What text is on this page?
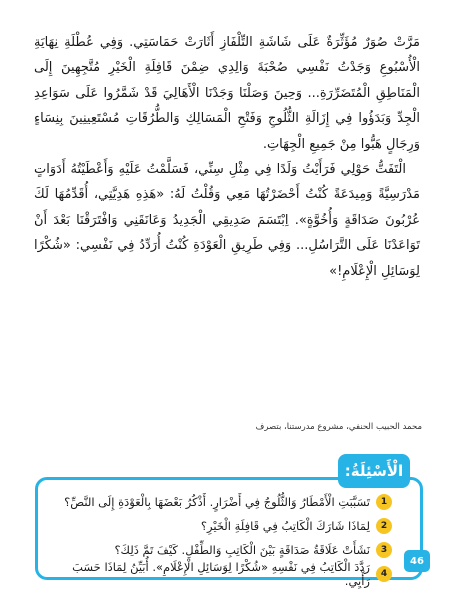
مَرَّتْ صُوَرٌ مُؤَثِّرَةٌ عَلَى شَاشَةِ التِّلْفَازِ أَثَارَتْ حَمَاسَتِي. وَفِي عُطْلَةِ نِهَايَةِ الْأُسْبُوعِ وَجَدْتُ نَفْسِي صُحْبَةَ وَالِدِي ضِمْنَ قَافِلَةِ الْخَيْرِ مُتَّجِهِينَ إِلَى الْمَنَاطِقِ الْمُتَضَرِّرَةِ... وَحِينَ وَصَلْنَا وَجَدْنَا الْأَهَالِيَ قَدْ شَمَّرُوا عَلَى سَوَاعِدِ الْجِدِّ وَبَدَؤُوا فِي إِزَالَةِ الثُّلُوجِ وَفَتْحِ الْمَسَالِكِ وَالطُّرُقَاتِ مُسْتَعِينِينَ بِنِسَاءٍ وَرِجَالٍ هَبُّوا مِنْ جَمِيعِ الْجِهَاتِ.

الْتَفَتُّ حَوْلِي فَرَأَيْتُ وَلَدًا فِي مِثْلِ سِنِّي، فَسَلَّمْتُ عَلَيْهِ وَأَعْطَيْتُهُ أَدَوَاتٍ مَدْرَسِيَّةً وَمِيدَعَةً كُنْتُ أَحْضَرْتُهَا مَعِي وَقُلْتُ لَهُ: «هَذِهِ هَدِيَّتِي، أُقَدِّمُهَا لَكَ عُرْبُونَ صَدَاقَةٍ وَأُخُوَّةٍ». اِبْتَسَمَ صَدِيقِي الْجَدِيدُ وَعَانَقَنِي وَافْتَرَقْنَا بَعْدَ أَنْ تَوَاعَدْنَا عَلَى التَّرَاسُلِ... وَفِي طَرِيقِ الْعَوْدَةِ كُنْتُ أُرَدِّدُ فِي نَفْسِي: «شُكْرًا لِوَسَائِلِ الْإِعْلَامِ!»

محمد الحبيب الحنفي، مشروع مدرستنا، بتصرف
الْأَسْئِلَةُ:
1
تَسَبَّبَتِ الْأَمْطَارُ وَالثُّلُوجُ فِي أَضْرَارٍ. أَذْكُرُ بَعْضَهَا بِالْعَوْدَةِ إِلَى النَّصِّ؟
2
لِمَاذَا شَارَكَ الْكَاتِبُ فِي قَافِلَةِ الْخَيْرِ؟
3
نَشَأَتْ عَلَاقَةُ صَدَاقَةٍ بَيْنَ الْكَاتِبِ وَالطِّفْلِ. كَيْفَ تَمَّ ذَلِكَ؟
4
رَدَّدَ الْكَاتِبُ فِي نَفْسِهِ «شُكْرًا لِوَسَائِلِ الْإِعْلَامِ». أُبَيِّنُ لِمَاذَا حَسَبَ رَأْيِي.
46
